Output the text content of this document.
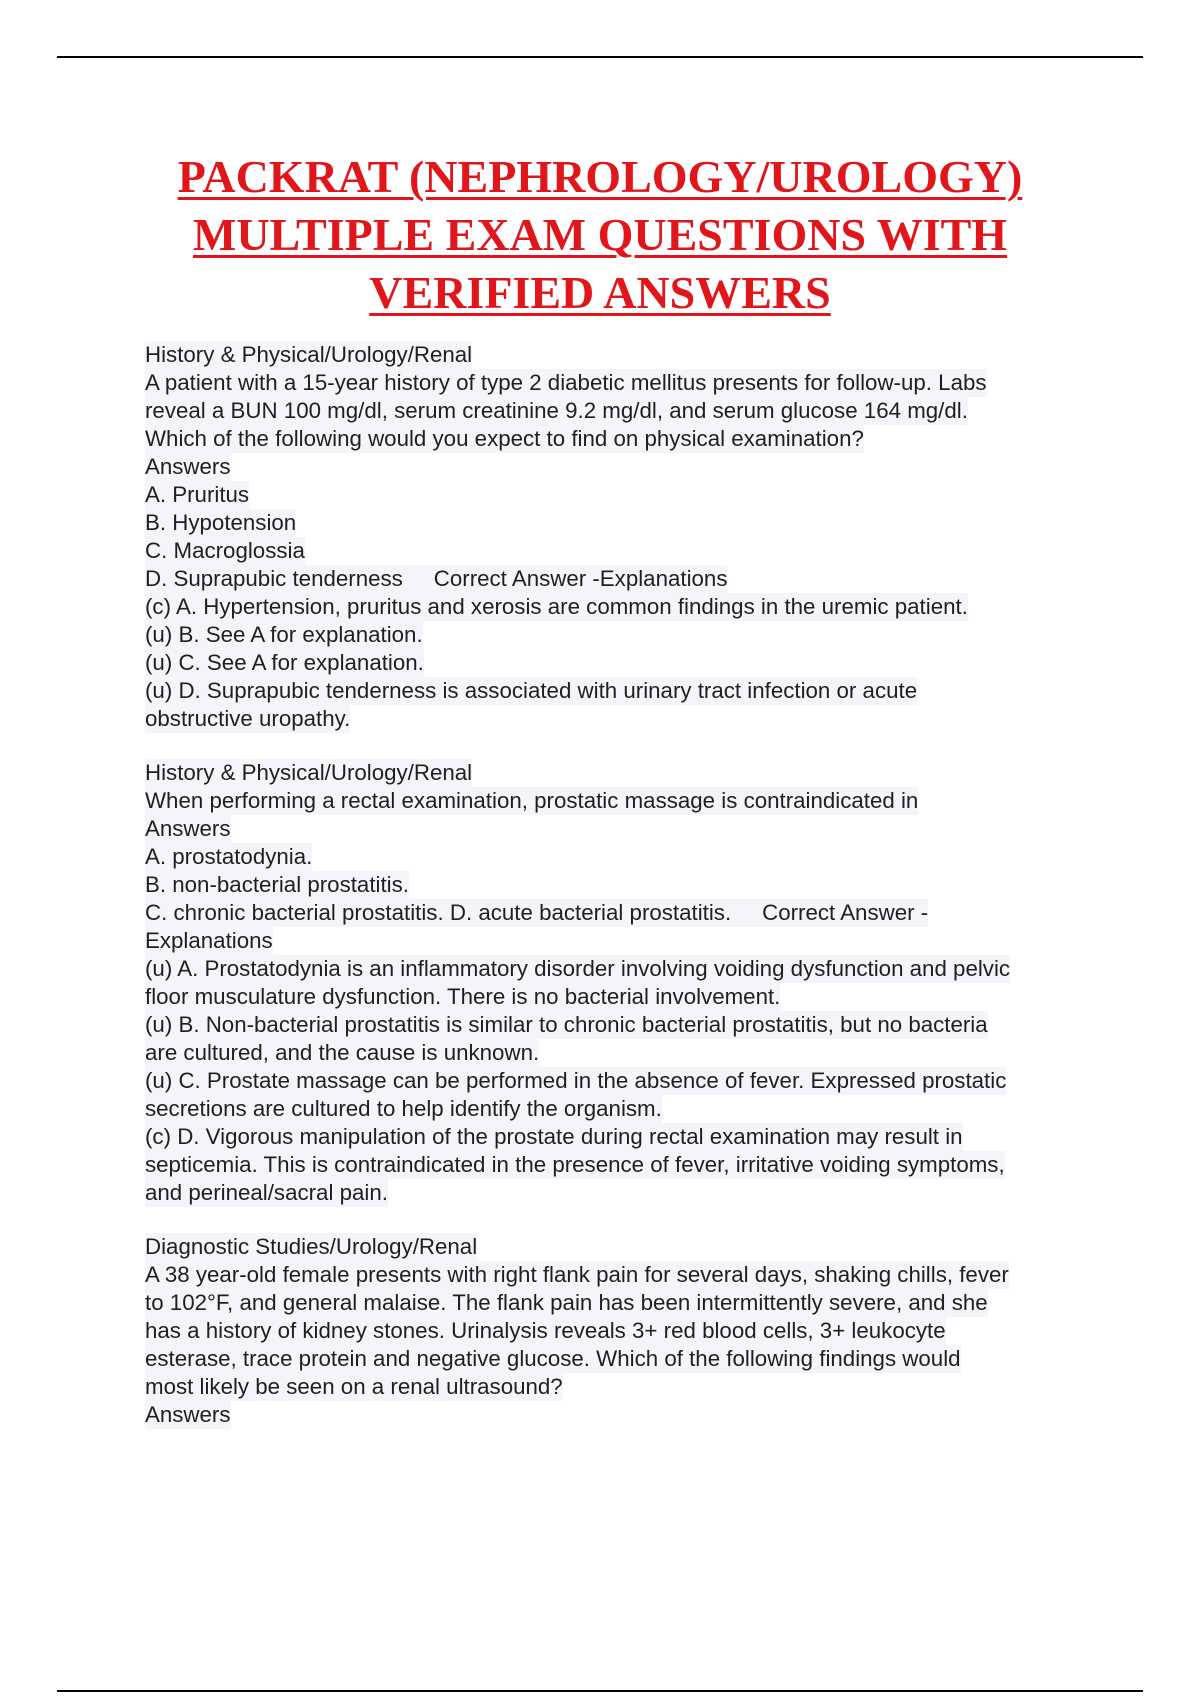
PACKRAT (NEPHROLOGY/UROLOGY)
MULTIPLE EXAM QUESTIONS WITH
VERIFIED ANSWERS
History & Physical/Urology/Renal
A patient with a 15-year history of type 2 diabetic mellitus presents for follow-up. Labs
reveal a BUN 100 mg/dl, serum creatinine 9.2 mg/dl, and serum glucose 164 mg/dl.
Which of the following would you expect to find on physical examination?
Answers
A. Pruritus
B. Hypotension
C. Macroglossia
D. Suprapubic tenderness     Correct Answer -Explanations
(c) A. Hypertension, pruritus and xerosis are common findings in the uremic patient.
(u) B. See A for explanation.
(u) C. See A for explanation.
(u) D. Suprapubic tenderness is associated with urinary tract infection or acute
obstructive uropathy.
History & Physical/Urology/Renal
When performing a rectal examination, prostatic massage is contraindicated in
Answers
A. prostatodynia.
B. non-bacterial prostatitis.
C. chronic bacterial prostatitis. D. acute bacterial prostatitis.     Correct Answer -
Explanations
(u) A. Prostatodynia is an inflammatory disorder involving voiding dysfunction and pelvic
floor musculature dysfunction. There is no bacterial involvement.
(u) B. Non-bacterial prostatitis is similar to chronic bacterial prostatitis, but no bacteria
are cultured, and the cause is unknown.
(u) C. Prostate massage can be performed in the absence of fever. Expressed prostatic
secretions are cultured to help identify the organism.
(c) D. Vigorous manipulation of the prostate during rectal examination may result in
septicemia. This is contraindicated in the presence of fever, irritative voiding symptoms,
and perineal/sacral pain.
Diagnostic Studies/Urology/Renal
A 38 year-old female presents with right flank pain for several days, shaking chills, fever
to 102°F, and general malaise. The flank pain has been intermittently severe, and she
has a history of kidney stones. Urinalysis reveals 3+ red blood cells, 3+ leukocyte
esterase, trace protein and negative glucose. Which of the following findings would
most likely be seen on a renal ultrasound?
Answers
